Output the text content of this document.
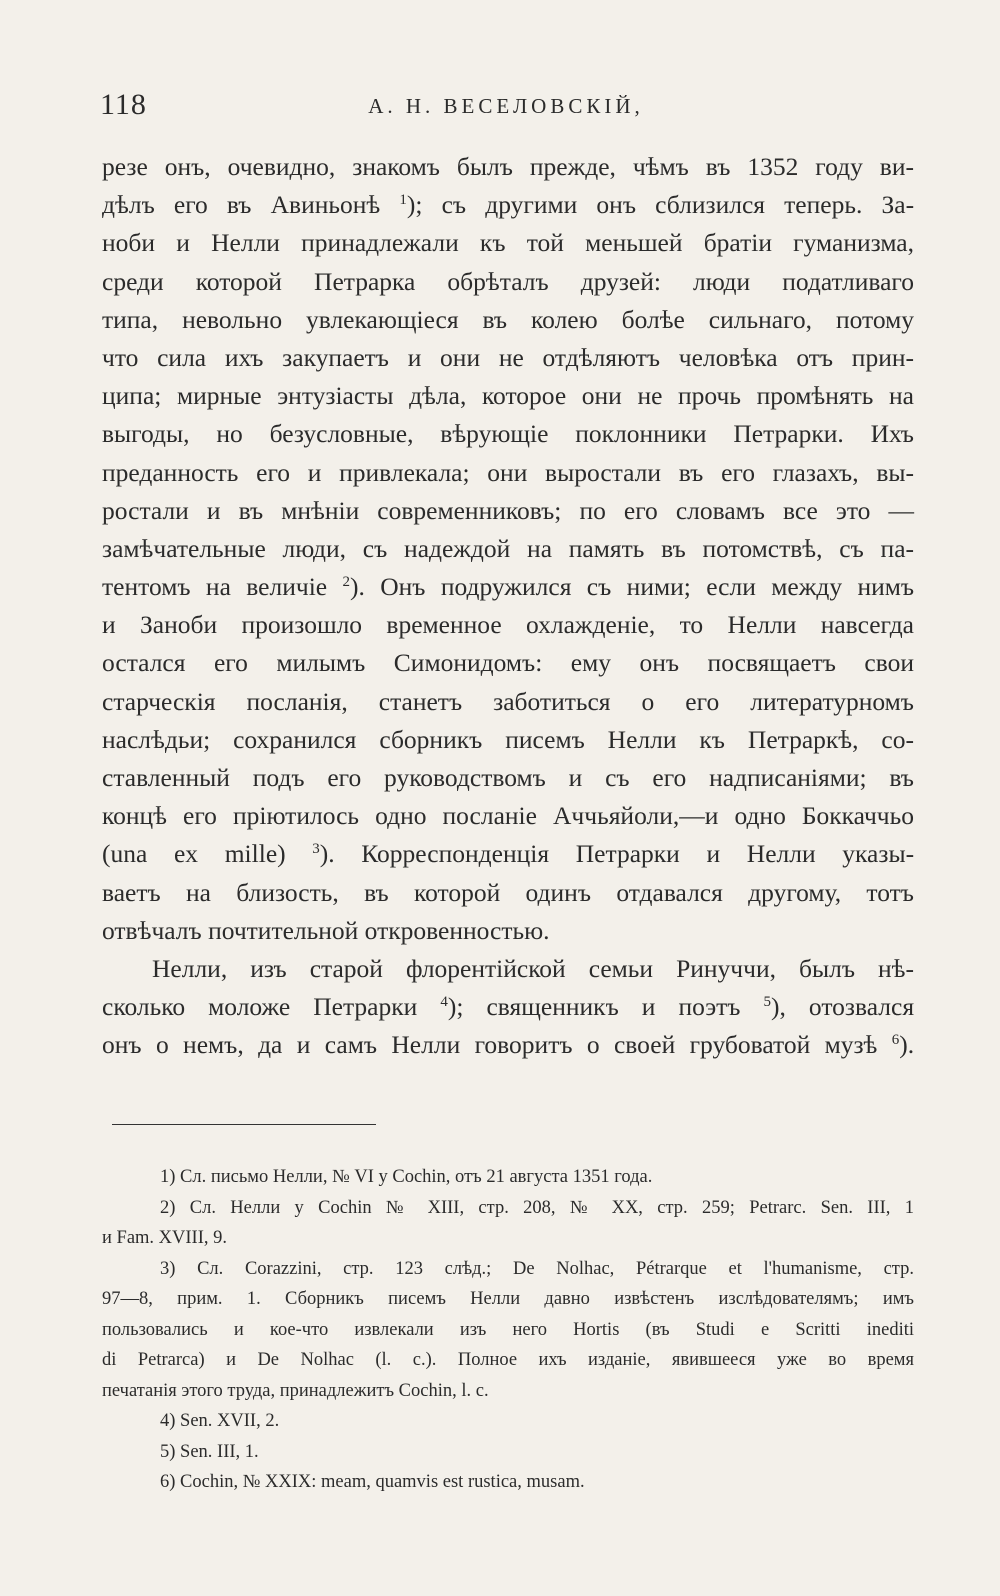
118	А. Н. ВЕСЕЛОВСКІЙ,
резе онъ, очевидно, знакомъ былъ прежде, чѣмъ въ 1352 году ви-
дѣлъ его въ Авиньонѣ $^1$); съ другими онъ сблизился теперь. За-
ноби и Нелли принадлежали къ той меньшей братіи гуманизма,
среди которой Петрарка обрѣталъ друзей: люди податливаго
типа, невольно увлекающіеся въ колею болѣе сильнаго, потому
что сила ихъ закупаетъ и они не отдѣляютъ человѣка отъ прин-
ципа; мирные энтузіасты дѣла, которое они не прочь промѣнять на
выгоды, но безусловные, вѣрующіе поклонники Петрарки. Ихъ
преданность его и привлекала; они выростали въ его глазахъ, вы-
ростали и въ мнѣніи современниковъ; по его словамъ все это —
замѣчательные люди, съ надеждой на память въ потомствѣ, съ па-
тентомъ на величіе $^2$). Онъ подружился съ ними; если между нимъ
и Заноби произошло временное охлажденіе, то Нелли навсегда
остался его милымъ Симонидомъ: ему онъ посвящаетъ свои
старческія посланія, станетъ заботиться о его литературномъ
наслѣдьи; сохранился сборникъ писемъ Нелли къ Петраркѣ, со-
ставленный подъ его руководствомъ и съ его надписаніями; въ
концѣ его пріютилось одно посланіе Аччьяйоли,—и одно Боккаччьо
(una ex mille) $^3$). Корреспонденція Петрарки и Нелли указы-
ваетъ на близость, въ которой одинъ отдавался другому, тотъ
отвѣчалъ почтительной откровенностью.
Нелли, изъ старой флорентійской семьи Ринуччи, былъ нѣ-
сколько моложе Петрарки $^4$); священникъ и поэтъ $^5$), отозвался
онъ о немъ, да и самъ Нелли говоритъ о своей грубоватой музѣ $^6$).
1) Сл. письмо Нелли, № VI у Cochin, отъ 21 августа 1351 года.
2) Сл. Нелли у Cochin № XIII, стр. 208, № XX, стр. 259; Petrarc. Sen. III, 1
и Fam. XVIII, 9.
3) Сл. Corazzini, стр. 123 слѣд.; De Nolhac, Pétrarque et l'humanisme, стр.
97—8, прим. 1. Сборникъ писемъ Нелли давно извѣстенъ изслѣдователямъ; имъ
пользовались и кое-что извлекали изъ него Hortis (въ Studi e Scritti inediti
di Petrarca) и De Nolhac (l. c.). Полное ихъ изданіе, явившееся уже во время
печатанія этого труда, принадлежитъ Cochin, l. c.
4) Sen. XVII, 2.
5) Sen. III, 1.
6) Cochin, № XXIX: meam, quamvis est rustica, musam.
